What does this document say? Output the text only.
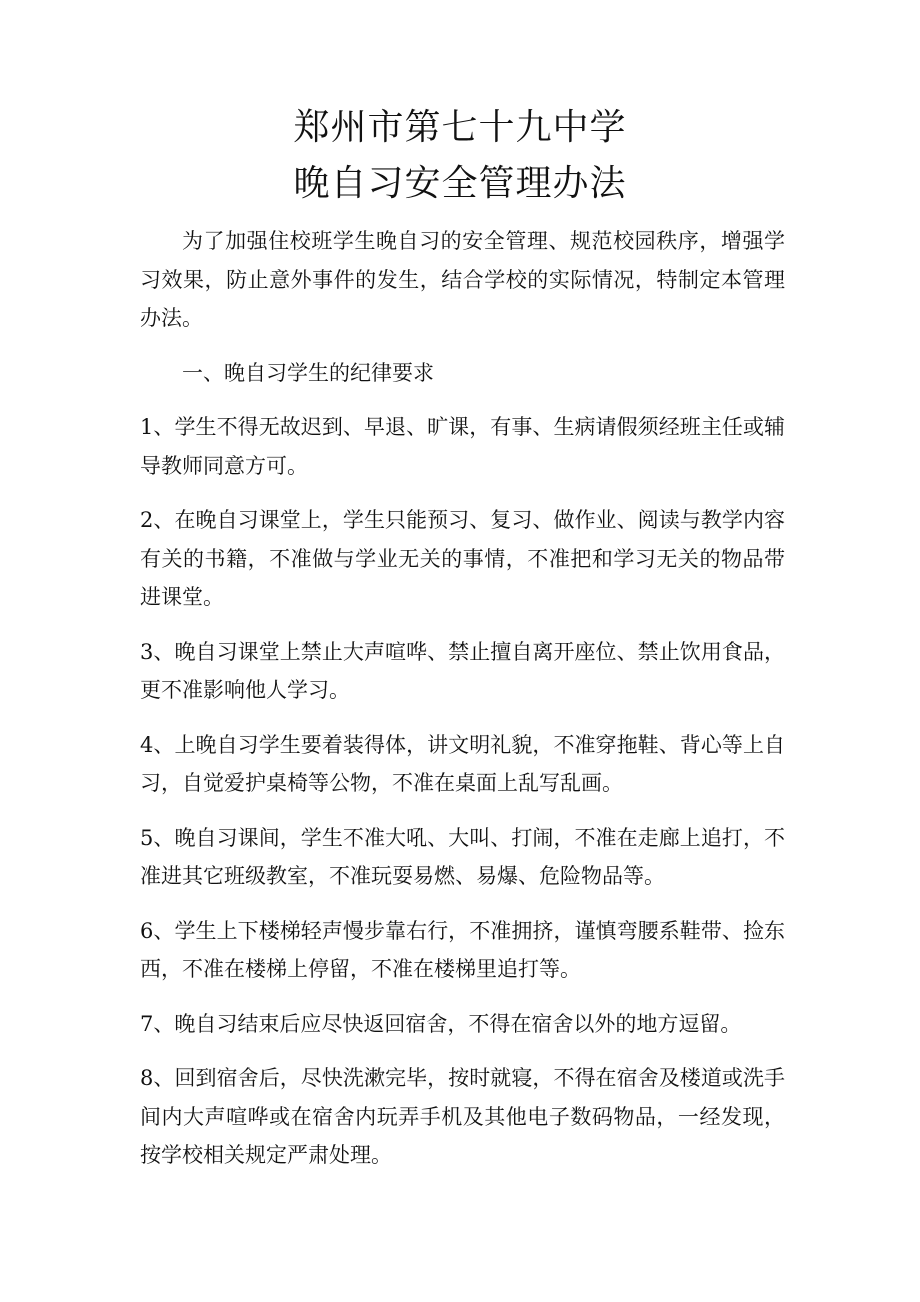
郑州市第七十九中学
晚自习安全管理办法

为了加强住校班学生晚自习的安全管理、规范校园秩序，增强学习效果，防止意外事件的发生，结合学校的实际情况，特制定本管理办法。

一、晚自习学生的纪律要求

1、学生不得无故迟到、早退、旷课，有事、生病请假须经班主任或辅导教师同意方可。

2、在晚自习课堂上，学生只能预习、复习、做作业、阅读与教学内容有关的书籍，不准做与学业无关的事情，不准把和学习无关的物品带进课堂。

3、晚自习课堂上禁止大声喧哗、禁止擅自离开座位、禁止饮用食品，更不准影响他人学习。

4、上晚自习学生要着装得体，讲文明礼貌，不准穿拖鞋、背心等上自习，自觉爱护桌椅等公物，不准在桌面上乱写乱画。

5、晚自习课间，学生不准大吼、大叫、打闹，不准在走廊上追打，不准进其它班级教室，不准玩耍易燃、易爆、危险物品等。

6、学生上下楼梯轻声慢步靠右行，不准拥挤，谨慎弯腰系鞋带、捡东西，不准在楼梯上停留，不准在楼梯里追打等。

7、晚自习结束后应尽快返回宿舍，不得在宿舍以外的地方逗留。

8、回到宿舍后，尽快洗漱完毕，按时就寝，不得在宿舍及楼道或洗手间内大声喧哗或在宿舍内玩弄手机及其他电子数码物品，一经发现，按学校相关规定严肃处理。
